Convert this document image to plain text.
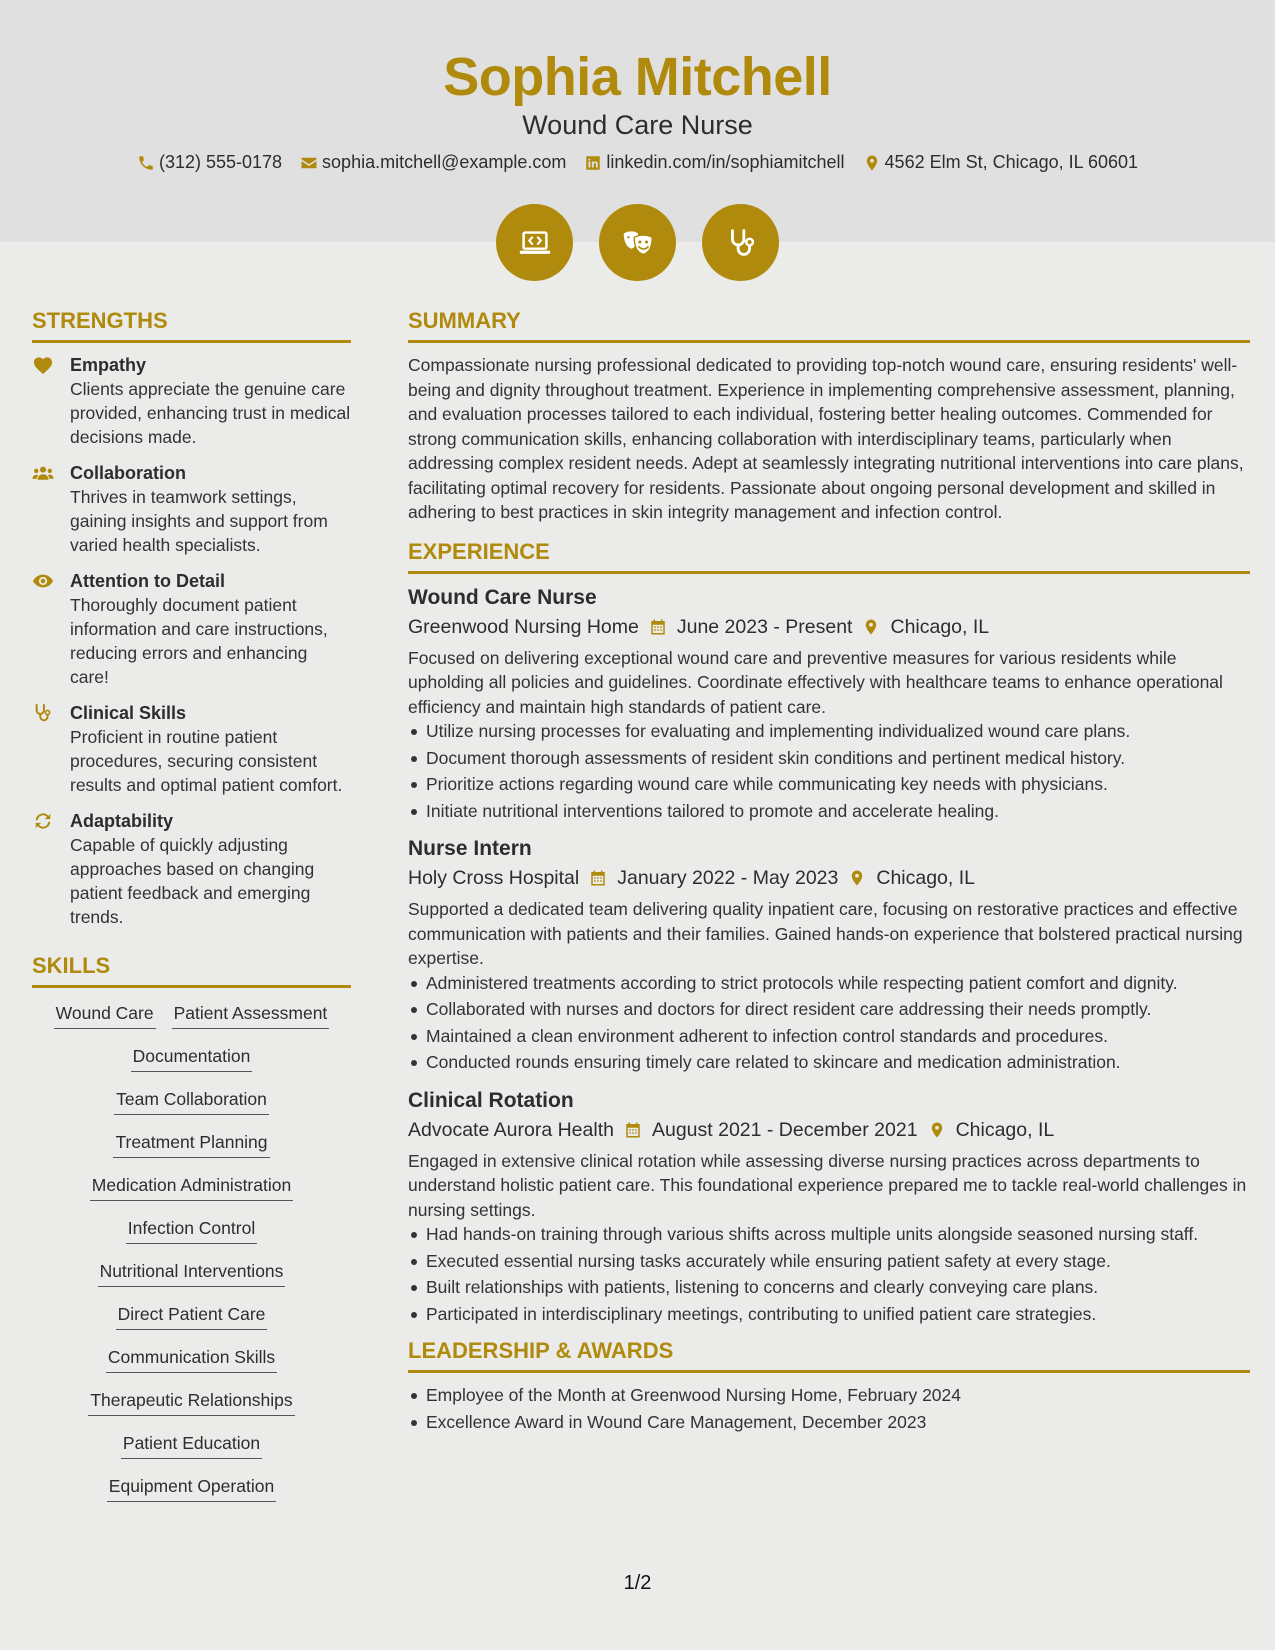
Sophia Mitchell
Wound Care Nurse
(312) 555-0178 sophia.mitchell@example.com linkedin.com/in/sophiamitchell 4562 Elm St, Chicago, IL 60601
STRENGTHS
Empathy
Clients appreciate the genuine care provided, enhancing trust in medical decisions made.
Collaboration
Thrives in teamwork settings, gaining insights and support from varied health specialists.
Attention to Detail
Thoroughly document patient information and care instructions, reducing errors and enhancing care!
Clinical Skills
Proficient in routine patient procedures, securing consistent results and optimal patient comfort.
Adaptability
Capable of quickly adjusting approaches based on changing patient feedback and emerging trends.
SKILLS
Wound Care Patient Assessment
Documentation
Team Collaboration
Treatment Planning
Medication Administration
Infection Control
Nutritional Interventions
Direct Patient Care
Communication Skills
Therapeutic Relationships
Patient Education
Equipment Operation
SUMMARY
Compassionate nursing professional dedicated to providing top-notch wound care, ensuring residents' well-being and dignity throughout treatment. Experience in implementing comprehensive assessment, planning, and evaluation processes tailored to each individual, fostering better healing outcomes. Commended for strong communication skills, enhancing collaboration with interdisciplinary teams, particularly when addressing complex resident needs. Adept at seamlessly integrating nutritional interventions into care plans, facilitating optimal recovery for residents. Passionate about ongoing personal development and skilled in adhering to best practices in skin integrity management and infection control.
EXPERIENCE
Wound Care Nurse
Greenwood Nursing Home June 2023 - Present Chicago, IL
Focused on delivering exceptional wound care and preventive measures for various residents while upholding all policies and guidelines. Coordinate effectively with healthcare teams to enhance operational efficiency and maintain high standards of patient care.
Utilize nursing processes for evaluating and implementing individualized wound care plans.
Document thorough assessments of resident skin conditions and pertinent medical history.
Prioritize actions regarding wound care while communicating key needs with physicians.
Initiate nutritional interventions tailored to promote and accelerate healing.
Nurse Intern
Holy Cross Hospital January 2022 - May 2023 Chicago, IL
Supported a dedicated team delivering quality inpatient care, focusing on restorative practices and effective communication with patients and their families. Gained hands-on experience that bolstered practical nursing expertise.
Administered treatments according to strict protocols while respecting patient comfort and dignity.
Collaborated with nurses and doctors for direct resident care addressing their needs promptly.
Maintained a clean environment adherent to infection control standards and procedures.
Conducted rounds ensuring timely care related to skincare and medication administration.
Clinical Rotation
Advocate Aurora Health August 2021 - December 2021 Chicago, IL
Engaged in extensive clinical rotation while assessing diverse nursing practices across departments to understand holistic patient care. This foundational experience prepared me to tackle real-world challenges in nursing settings.
Had hands-on training through various shifts across multiple units alongside seasoned nursing staff.
Executed essential nursing tasks accurately while ensuring patient safety at every stage.
Built relationships with patients, listening to concerns and clearly conveying care plans.
Participated in interdisciplinary meetings, contributing to unified patient care strategies.
LEADERSHIP & AWARDS
Employee of the Month at Greenwood Nursing Home, February 2024
Excellence Award in Wound Care Management, December 2023
1/2
